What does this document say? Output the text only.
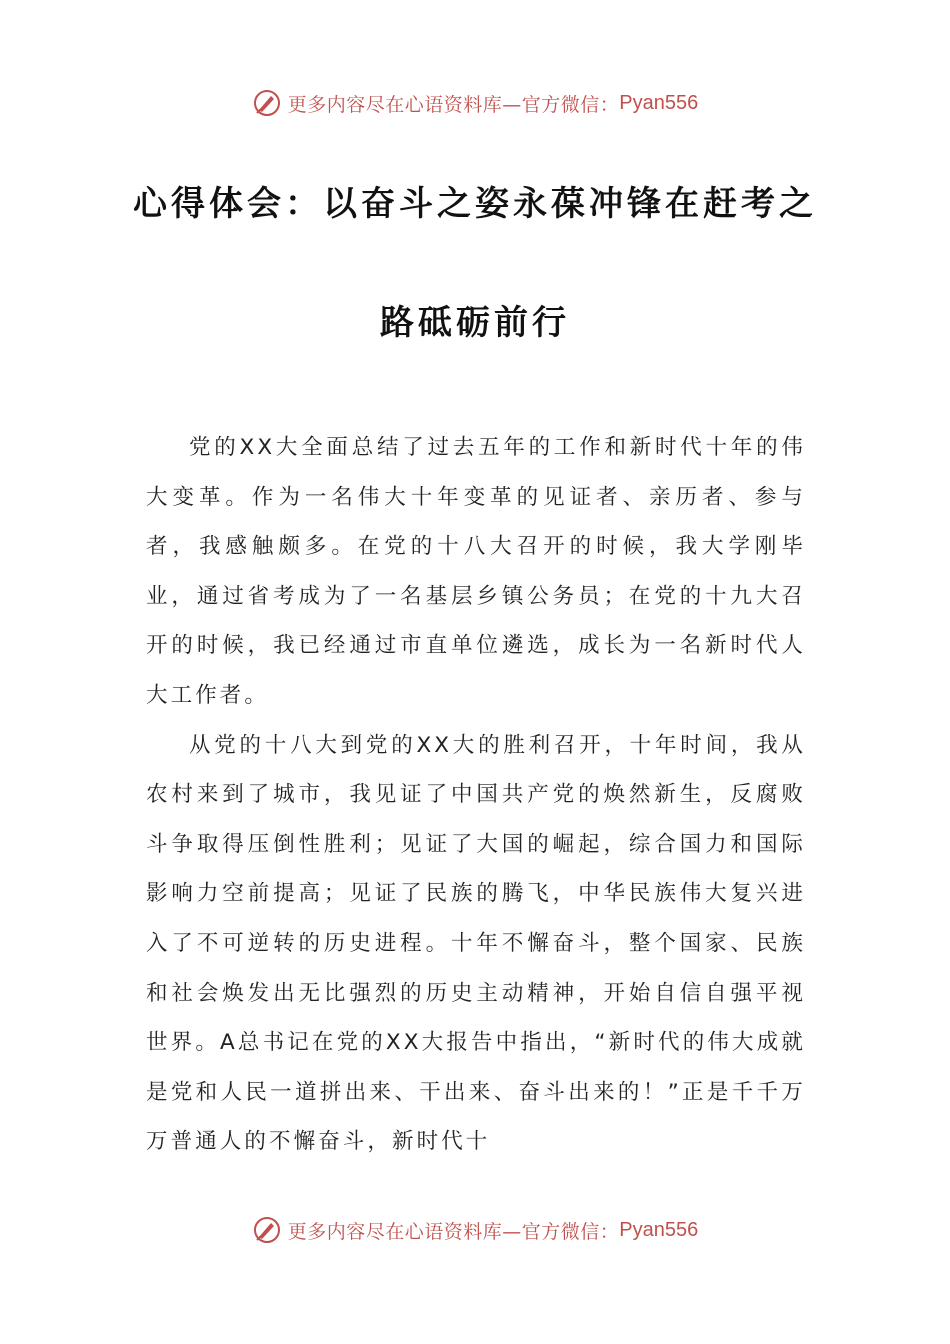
更多内容尽在心语资料库—官方微信： Pyan556
心得体会：以奋斗之姿永葆冲锋在赶考之
路砥砺前行

党的XX大全面总结了过去五年的工作和新时代十年的伟大变革。作为一名伟大十年变革的见证者、亲历者、参与者，我感触颇多。在党的十八大召开的时候，我大学刚毕业，通过省考成为了一名基层乡镇公务员；在党的十九大召开的时候，我已经通过市直单位遴选，成长为一名新时代人大工作者。

从党的十八大到党的XX大的胜利召开，十年时间，我从农村来到了城市，我见证了中国共产党的焕然新生，反腐败斗争取得压倒性胜利；见证了大国的崛起，综合国力和国际影响力空前提高；见证了民族的腾飞，中华民族伟大复兴进入了不可逆转的历史进程。十年不懈奋斗，整个国家、民族和社会焕发出无比强烈的历史主动精神，开始自信自强平视世界。A总书记在党的XX大报告中指出，“新时代的伟大成就是党和人民一道拼出来、干出来、奋斗出来的！”正是千千万万普通人的不懈奋斗，新时代十

更多内容尽在心语资料库—官方微信： Pyan556
